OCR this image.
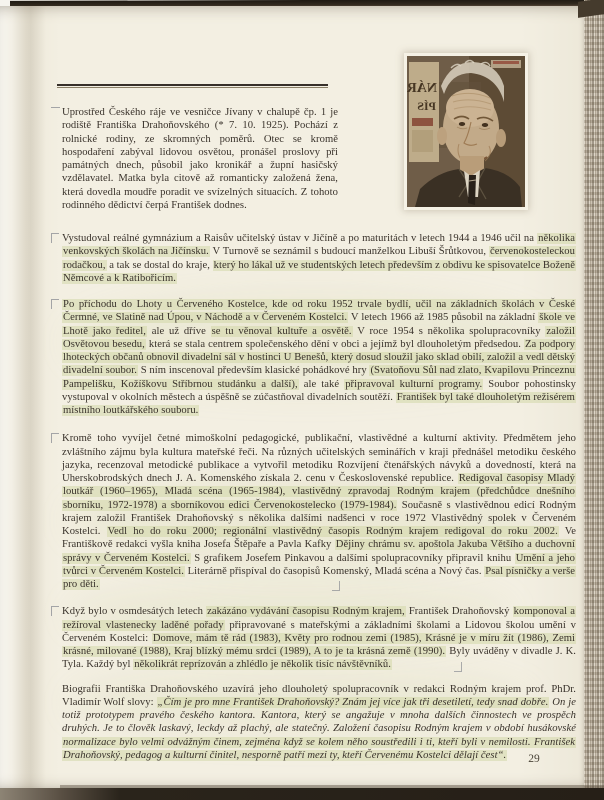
NÁR
PÍS
Uprostřed Českého ráje ve vesničce Jívany v chalupě čp. 1 je rodiště Františka Drahoňovského (* 7. 10. 1925). Pochází z rolnické rodiny, ze skromných poměrů. Otec se kromě hospodaření zabýval lidovou osvětou, pronášel proslovy při památných dnech, působil jako kronikář a župní hasičský vzdělavatel. Matka byla citově až romanticky založená žena, která dovedla moudře poradit ve svízelných situacích. Z tohoto rodinného dědictví čerpá František dodnes.
Vystudoval reálné gymnázium a Raisův učitelský ústav v Jičíně a po maturitách v letech 1944 a 1946 učil na několika venkovských školách na Jičínsku. V Turnově se seznámil s budoucí manželkou Libuší Šrůtkovou, červenokosteleckou rodačkou, a tak se dostal do kraje, který ho lákal už ve studentských letech především z obdivu ke spisovatelce Boženě Němcové a k Ratibořicím.
Po příchodu do Lhoty u Červeného Kostelce, kde od roku 1952 trvale bydlí, učil na základních školách v České Čermné, ve Slatině nad Úpou, v Náchodě a v Červeném Kostelci. V letech 1966 až 1985 působil na základní škole ve Lhotě jako ředitel, ale už dříve se tu věnoval kultuře a osvětě. V roce 1954 s několika spolupracovníky založil Osvětovou besedu, která se stala centrem společenského dění v obci a jejímž byl dlouholetým předsedou. Za podpory lhoteckých občanů obnovil divadelní sál v hostinci U Benešů, který dosud sloužil jako sklad obilí, založil a vedl dětský divadelní soubor. S ním inscenoval především klasické pohádkové hry (Svatoňovu Sůl nad zlato, Kvapilovu Princeznu Pampelišku, Kožíškovu Stříbrnou studánku a další), ale také připravoval kulturní programy. Soubor pohostinsky vystupoval v okolních městech a úspěšně se zúčastňoval divadelních soutěží. František byl také dlouholetým režisérem místního loutkářského souboru.
Kromě toho vyvíjel četné mimoškolní pedagogické, publikační, vlastivědné a kulturní aktivity. Předmětem jeho zvláštního zájmu byla kultura mateřské řeči. Na různých učitelských seminářích v kraji přednášel metodiku českého jazyka, recenzoval metodické publikace a vytvořil metodiku Rozvíjení čtenářských návyků a dovedností, která na Uherskobrodských dnech J. A. Komenského získala 2. cenu v Československé republice. Redigoval časopisy Mladý loutkář (1960–1965), Mladá scéna (1965-1984), vlastivědný zpravodaj Rodným krajem (předchůdce dnešního sborníku, 1972-1978) a sborníkovou edici Červenokostelecko (1979-1984). Současně s vlastivědnou edicí Rodným krajem založil František Drahoňovský s několika dalšími nadšenci v roce 1972 Vlastivědný spolek v Červeném Kostelci. Vedl ho do roku 2000; regionální vlastivědný časopis Rodným krajem redigoval do roku 2002. Ve Františkově redakci vyšla kniha Josefa Štěpaře a Pavla Kafky Dějiny chrámu sv. apoštola Jakuba Většího a duchovní správy v Červeném Kostelci. S grafikem Josefem Pinkavou a dalšími spolupracovníky připravil knihu Umění a jeho tvůrci v Červeném Kostelci. Literárně přispíval do časopisů Komenský, Mladá scéna a Nový čas. Psal písničky a verše pro děti.
Když bylo v osmdesátých letech zakázáno vydávání časopisu Rodným krajem, František Drahoňovský komponoval a režíroval vlastenecky laděné pořady připravované s mateřskými a základními školami a Lidovou školou umění v Červeném Kostelci: Domove, mám tě rád (1983), Květy pro rodnou zemi (1985), Krásné je v míru žít (1986), Zemi krásné, milované (1988), Kraj blízký mému srdci (1989), A to je ta krásná země (1990). Byly uváděny v divadle J. K. Tyla. Každý byl několikrát reprízován a zhlédlo je několik tisíc návštěvníků.
Biografii Františka Drahoňovského uzavírá jeho dlouholetý spolupracovník v redakci Rodným krajem prof. PhDr. Vladimír Wolf slovy: „Čím je pro mne František Drahoňovský? Znám jej více jak tři desetiletí, tedy snad dobře. On je totiž prototypem pravého českého kantora. Kantora, který se angažuje v mnoha dalších činnostech ve prospěch druhých. Je to člověk laskavý, leckdy až plachý, ale statečný. Založení časopisu Rodným krajem v období husákovské normalizace bylo velmi odvážným činem, zejména když se kolem něho soustředili i ti, kteří byli v nemilosti. František Drahoňovský, pedagog a kulturní činitel, nesporně patří mezi ty, kteří Červenému Kostelci dělají čest“.	29
